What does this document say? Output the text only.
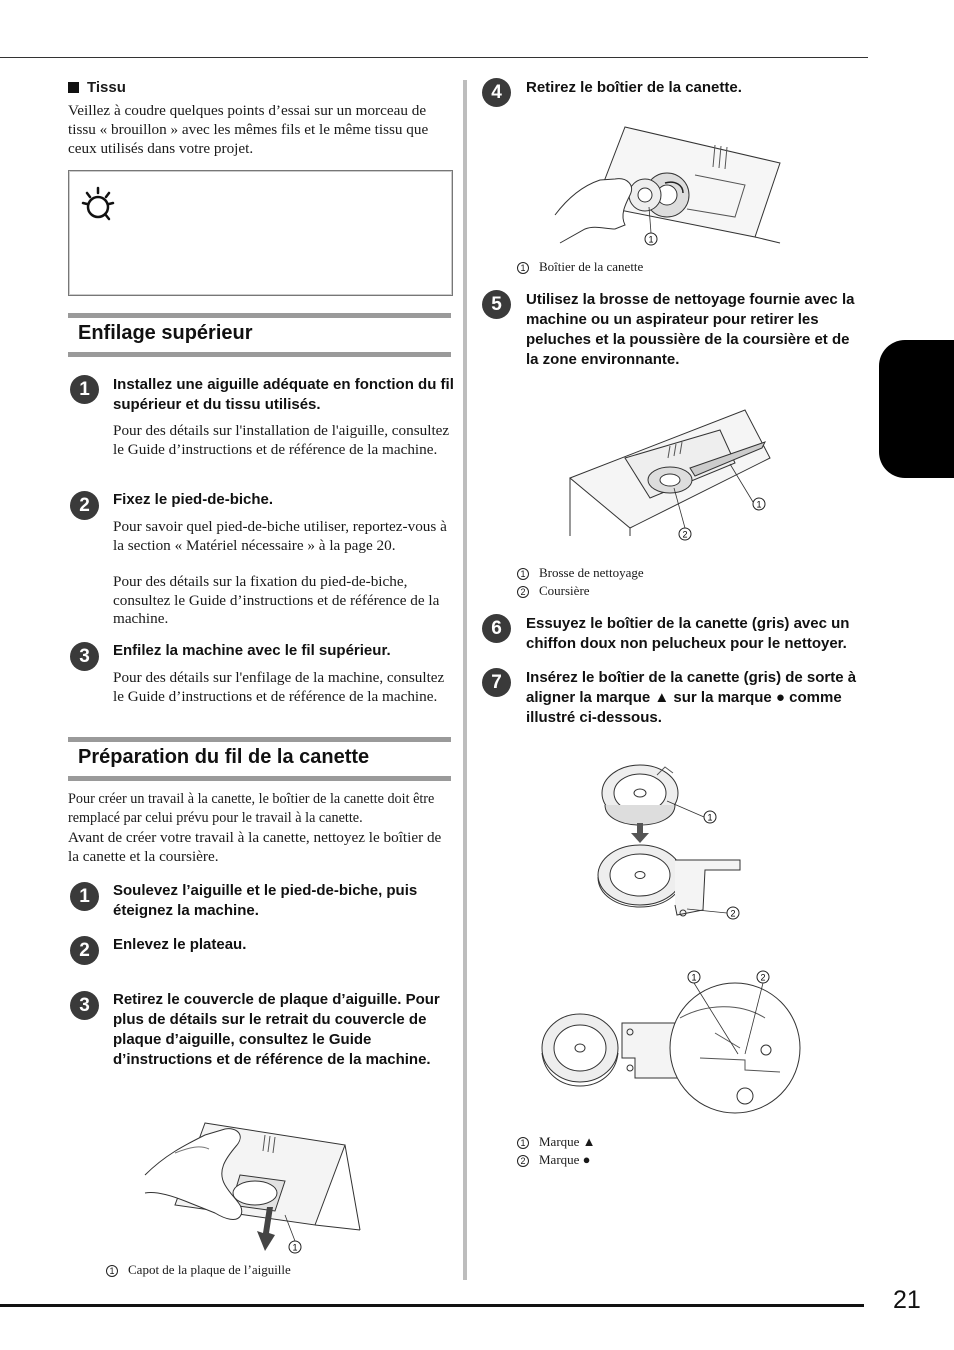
21
Tissu
Veillez à coudre quelques points d’essai sur un morceau de tissu « brouillon » avec les mêmes fils et le même tissu que ceux utilisés dans votre projet.
Enfilage supérieur
1	Installez une aiguille adéquate en fonction du fil supérieur et du tissu utilisés.
Pour des détails sur l'installation de l'aiguille, consultez le Guide d’instructions et de référence de la machine.
2	Fixez le pied-de-biche.
Pour savoir quel pied-de-biche utiliser, reportez-vous à la section « Matériel nécessaire » à la page 20.
Pour des détails sur la fixation du pied-de-biche, consultez le Guide d’instructions et de référence de la machine.
3	Enfilez la machine avec le fil supérieur.
Pour des détails sur l'enfilage de la machine, consultez le Guide d’instructions et de référence de la machine.
Préparation du fil de la canette
Pour créer un travail à la canette, le boîtier de la canette doit être remplacé par celui prévu pour le travail à la canette.
Avant de créer votre travail à la canette, nettoyez le boîtier de la canette et la coursière.
1	Soulevez l’aiguille et le pied-de-biche, puis éteignez la machine.
2	Enlevez le plateau.
3	Retirez le couvercle de plaque d’aiguille. Pour plus de détails sur le retrait du couvercle de plaque d’aiguille, consultez le Guide d’instructions et de référence de la machine.
1
1 Capot de la plaque de l’aiguille
4	Retirez le boîtier de la canette.
1
1 Boîtier de la canette
5	Utilisez la brosse de nettoyage fournie avec la machine ou un aspirateur pour retirer les peluches et la poussière de la coursière et de la zone environnante.
1
2
1 Brosse de nettoyage
2 Coursière
6	Essuyez le boîtier de la canette (gris) avec un chiffon doux non pelucheux pour le nettoyer.
7	Insérez le boîtier de la canette (gris) de sorte à aligner la marque ▲ sur la marque ● comme illustré ci-dessous.
1
2
1	2
1 Marque ▲
2 Marque ●
